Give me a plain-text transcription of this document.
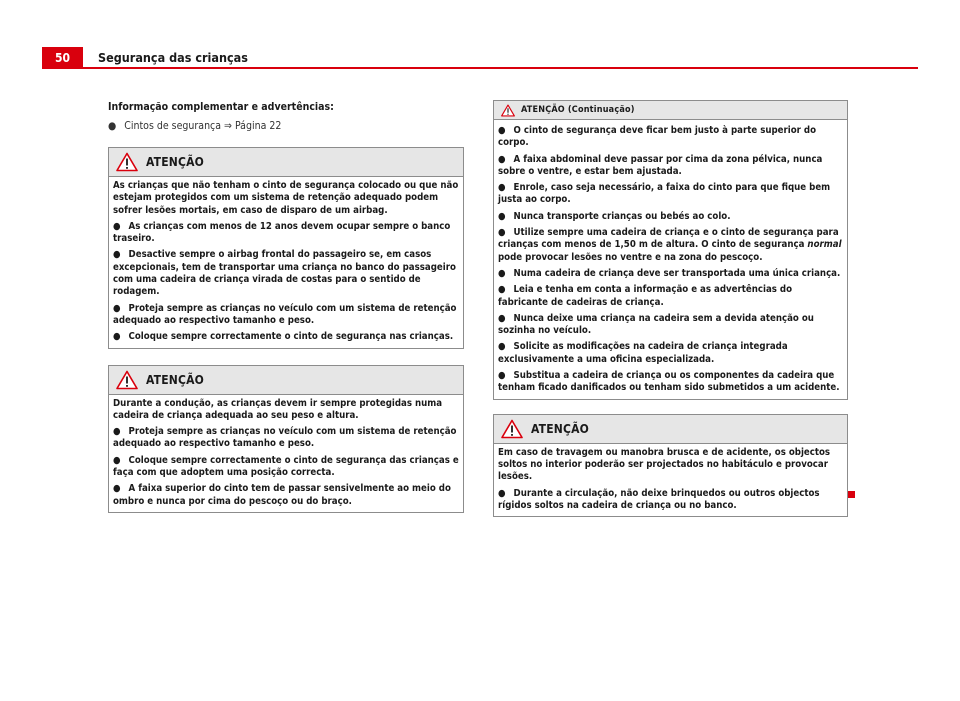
50 Segurança das crianças

Informação complementar e advertências:

● Cintos de segurança ⇒ Página 22

ATENÇÃO

As crianças que não tenham o cinto de segurança colocado ou que não estejam protegidos com um sistema de retenção adequado podem sofrer lesões mortais, em caso de disparo de um airbag.

● As crianças com menos de 12 anos devem ocupar sempre o banco traseiro.

● Desactive sempre o airbag frontal do passageiro se, em casos excepcionais, tem de transportar uma criança no banco do passageiro com uma cadeira de criança virada de costas para o sentido de rodagem.

● Proteja sempre as crianças no veículo com um sistema de retenção adequado ao respectivo tamanho e peso.

● Coloque sempre correctamente o cinto de segurança nas crianças.

ATENÇÃO

Durante a condução, as crianças devem ir sempre protegidas numa cadeira de criança adequada ao seu peso e altura.

● Proteja sempre as crianças no veículo com um sistema de retenção adequado ao respectivo tamanho e peso.

● Coloque sempre correctamente o cinto de segurança das crianças e faça com que adoptem uma posição correcta.

● A faixa superior do cinto tem de passar sensivelmente ao meio do ombro e nunca por cima do pescoço ou do braço.

ATENÇÃO (Continuação)

● O cinto de segurança deve ficar bem justo à parte superior do corpo.

● A faixa abdominal deve passar por cima da zona pélvica, nunca sobre o ventre, e estar bem ajustada.

● Enrole, caso seja necessário, a faixa do cinto para que fique bem justa ao corpo.

● Nunca transporte crianças ou bebés ao colo.

● Utilize sempre uma cadeira de criança e o cinto de segurança para crianças com menos de 1,50 m de altura. O cinto de segurança normal pode provocar lesões no ventre e na zona do pescoço.

● Numa cadeira de criança deve ser transportada uma única criança.

● Leia e tenha em conta a informação e as advertências do fabricante de cadeiras de criança.

● Nunca deixe uma criança na cadeira sem a devida atenção ou sozinha no veículo.

● Solicite as modificações na cadeira de criança integrada exclusivamente a uma oficina especializada.

● Substitua a cadeira de criança ou os componentes da cadeira que tenham ficado danificados ou tenham sido submetidos a um acidente.

ATENÇÃO

Em caso de travagem ou manobra brusca e de acidente, os objectos soltos no interior poderão ser projectados no habitáculo e provocar lesões.

● Durante a circulação, não deixe brinquedos ou outros objectos rígidos soltos na cadeira de criança ou no banco.
